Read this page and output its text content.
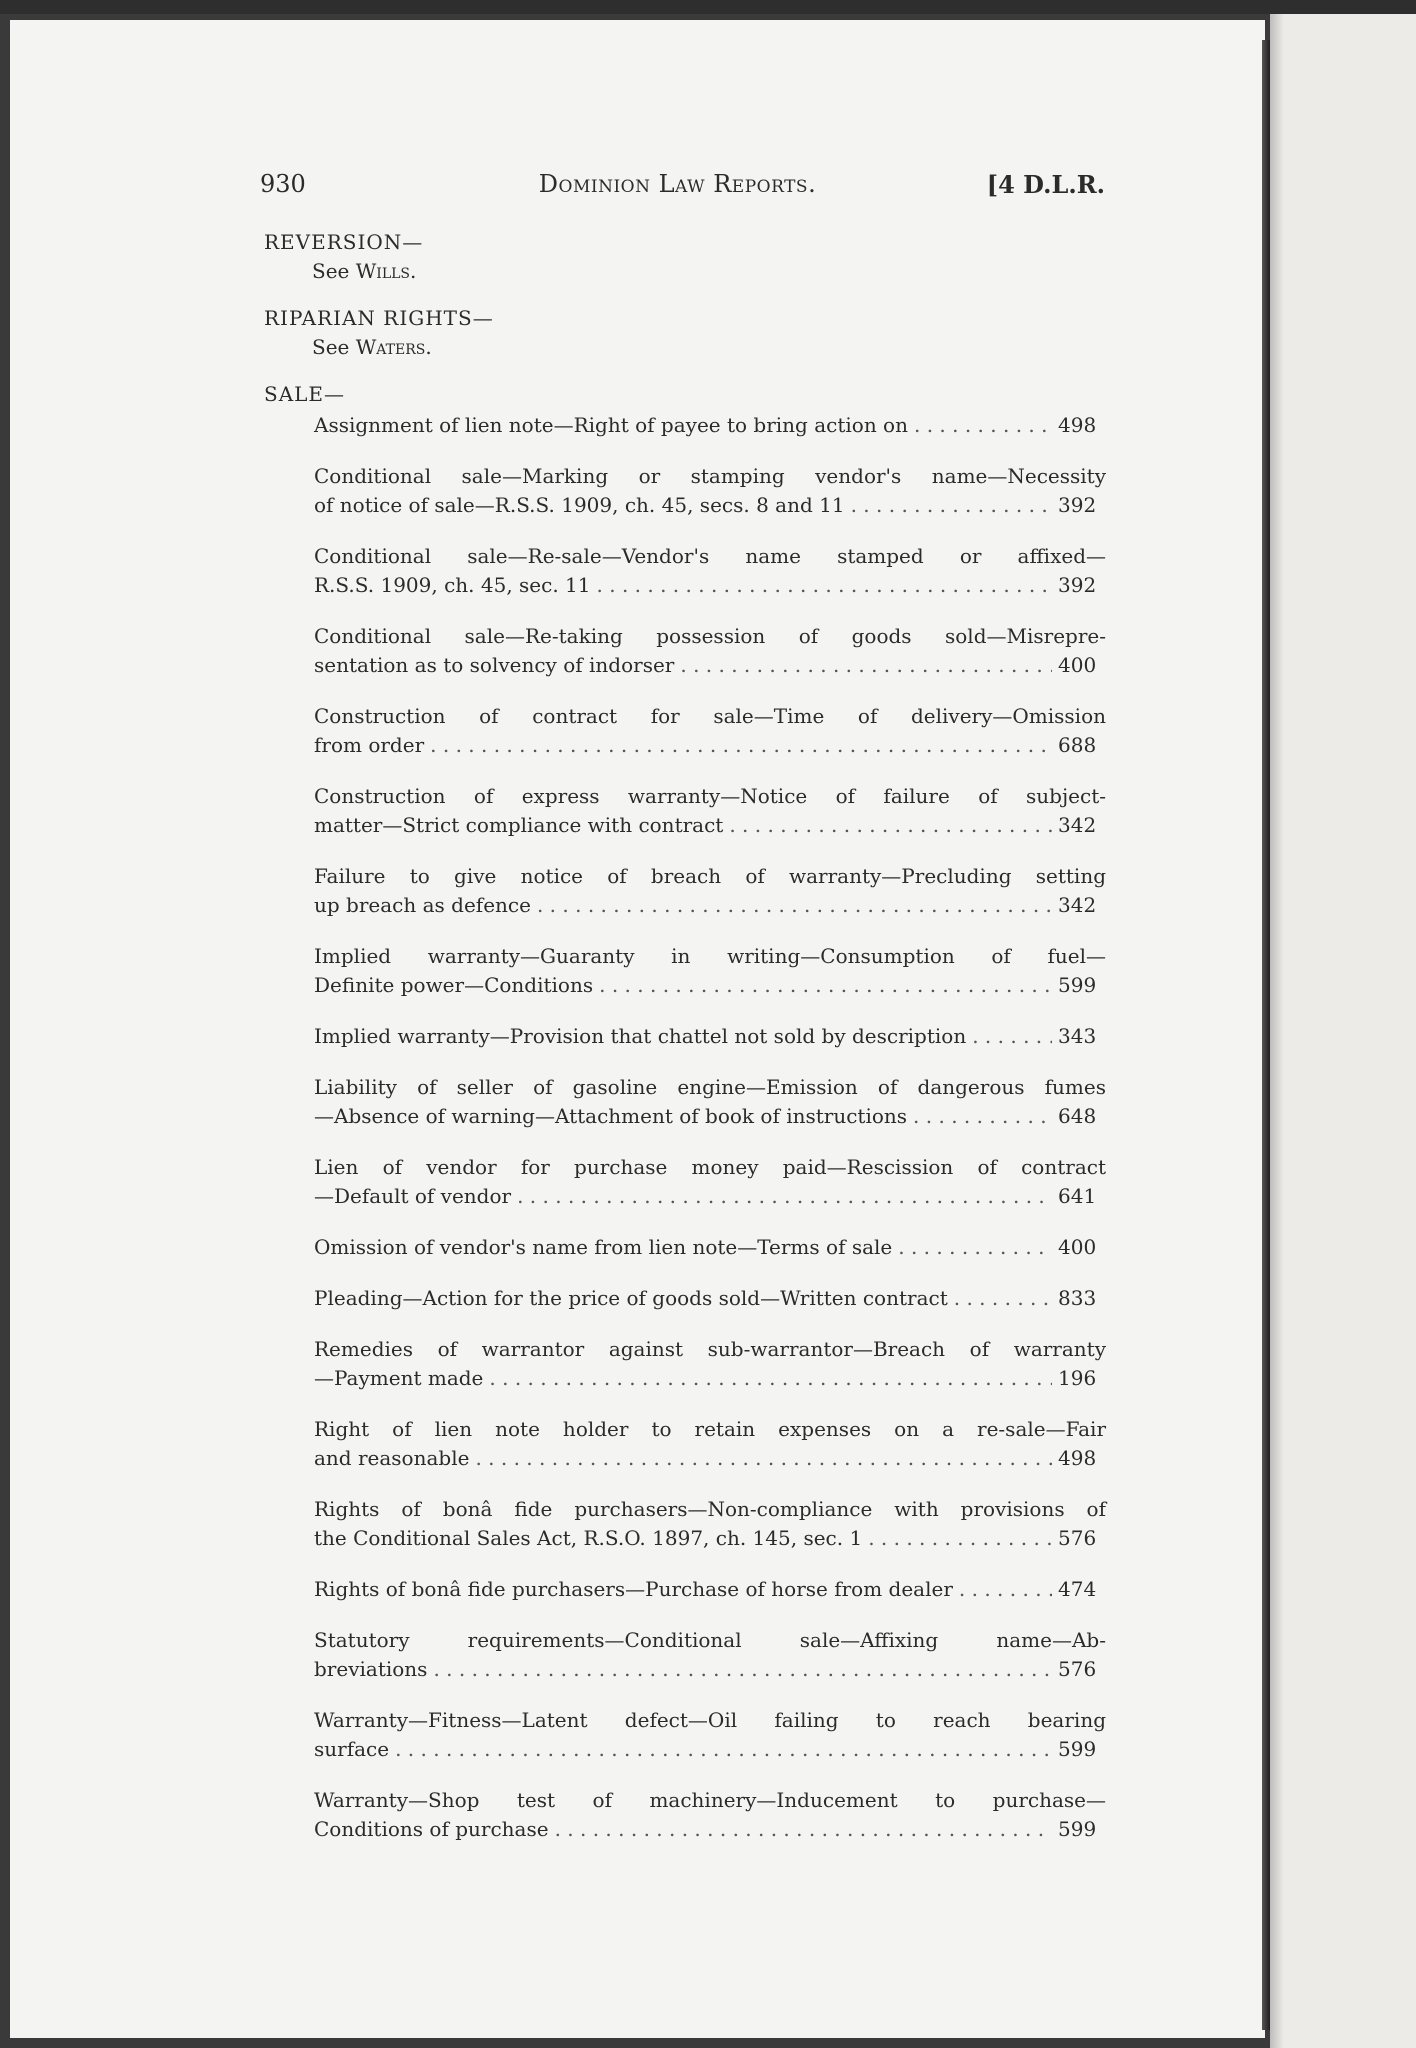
930	Dominion Law Reports.	[4 D.L.R.

REVERSION—

See Wills.

RIPARIAN RIGHTS—

See Waters.

SALE—

Assignment of lien note—Right of payee to bring action on . . .	498
Conditional sale—Marking or stamping vendor's name—Necessity
of notice of sale—R.S.S. 1909, ch. 45, secs. 8 and 11 . . .	392
Conditional sale—Re-sale—Vendor's name stamped or affixed—
R.S.S. 1909, ch. 45, sec. 11 . . .	392
Conditional sale—Re-taking possession of goods sold—Misrepre-
sentation as to solvency of indorser . . .	400
Construction of contract for sale—Time of delivery—Omission
from order . . .	688
Construction of express warranty—Notice of failure of subject-
matter—Strict compliance with contract . . .	342
Failure to give notice of breach of warranty—Precluding setting
up breach as defence . . .	342
Implied warranty—Guaranty in writing—Consumption of fuel—
Definite power—Conditions . . .	599
Implied warranty—Provision that chattel not sold by description . . .	343
Liability of seller of gasoline engine—Emission of dangerous fumes
—Absence of warning—Attachment of book of instructions . . .	648
Lien of vendor for purchase money paid—Rescission of contract
—Default of vendor . . .	641
Omission of vendor's name from lien note—Terms of sale . . .	400
Pleading—Action for the price of goods sold—Written contract . . .	833
Remedies of warrantor against sub-warrantor—Breach of warranty
—Payment made . . .	196
Right of lien note holder to retain expenses on a re-sale—Fair
and reasonable . . .	498
Rights of bonâ fide purchasers—Non-compliance with provisions of
the Conditional Sales Act, R.S.O. 1897, ch. 145, sec. 1 . . .	576
Rights of bonâ fide purchasers—Purchase of horse from dealer . . .	474
Statutory requirements—Conditional sale—Affixing name—Ab-
breviations . . .	576
Warranty—Fitness—Latent defect—Oil failing to reach bearing
surface . . .	599
Warranty—Shop test of machinery—Inducement to purchase—
Conditions of purchase . . .	599
